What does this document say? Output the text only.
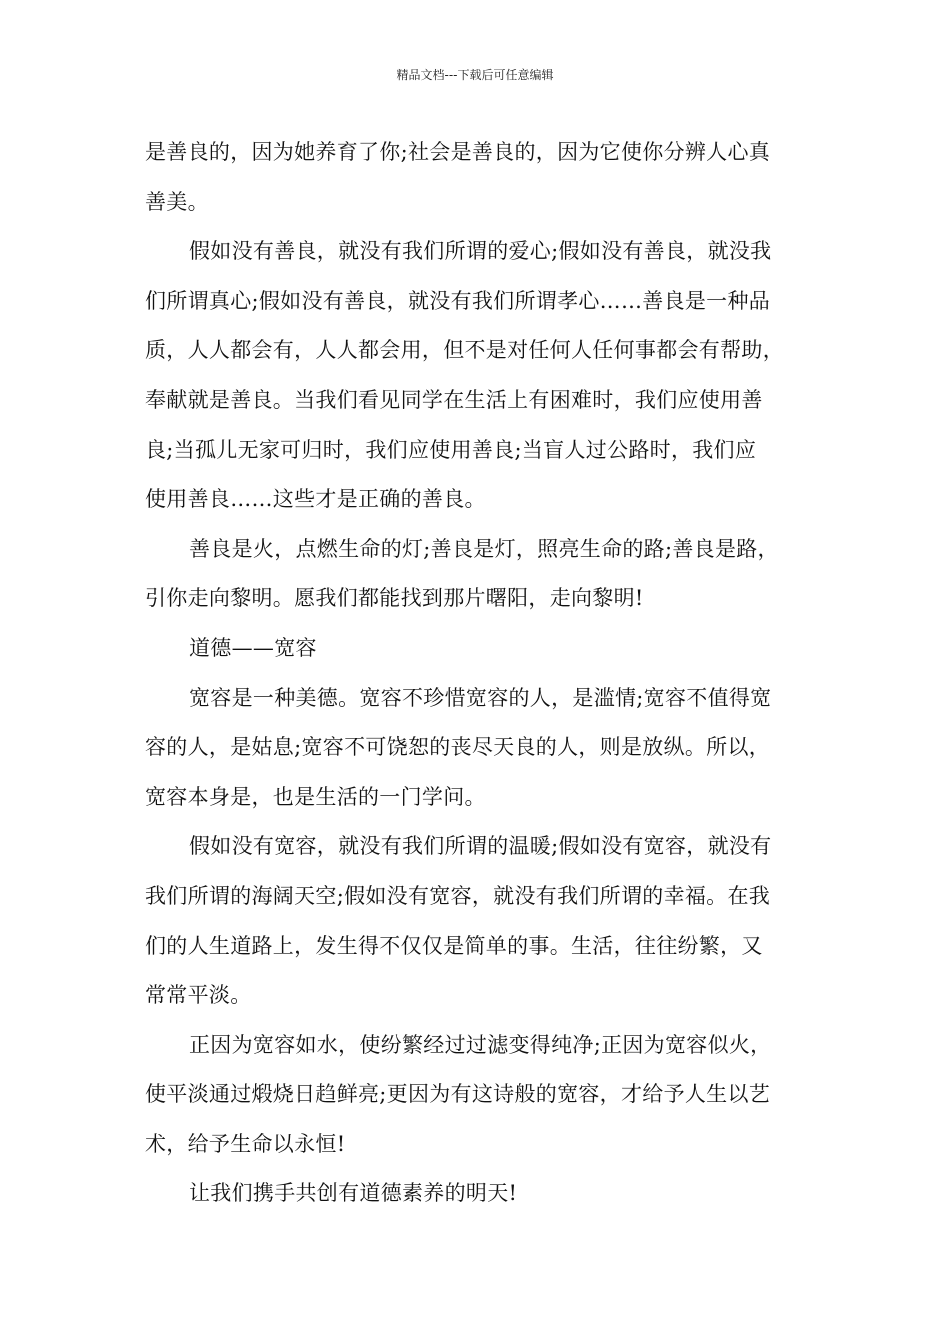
精品文档---下载后可任意编辑
是善良的，因为她养育了你;社会是善良的，因为它使你分辨人心真
善美。
假如没有善良，就没有我们所谓的爱心;假如没有善良，就没我
们所谓真心;假如没有善良，就没有我们所谓孝心……善良是一种品
质，人人都会有，人人都会用，但不是对任何人任何事都会有帮助，
奉献就是善良。当我们看见同学在生活上有困难时，我们应使用善
良;当孤儿无家可归时，我们应使用善良;当盲人过公路时，我们应
使用善良……这些才是正确的善良。
善良是火，点燃生命的灯;善良是灯，照亮生命的路;善良是路，
引你走向黎明。愿我们都能找到那片曙阳，走向黎明!
道德——宽容
宽容是一种美德。宽容不珍惜宽容的人，是滥情;宽容不值得宽
容的人，是姑息;宽容不可饶恕的丧尽天良的人，则是放纵。所以，
宽容本身是，也是生活的一门学问。
假如没有宽容，就没有我们所谓的温暖;假如没有宽容，就没有
我们所谓的海阔天空;假如没有宽容，就没有我们所谓的幸福。在我
们的人生道路上，发生得不仅仅是简单的事。生活，往往纷繁，又
常常平淡。
正因为宽容如水，使纷繁经过过滤变得纯净;正因为宽容似火，
使平淡通过煅烧日趋鲜亮;更因为有这诗般的宽容，才给予人生以艺
术，给予生命以永恒!
让我们携手共创有道德素养的明天!
